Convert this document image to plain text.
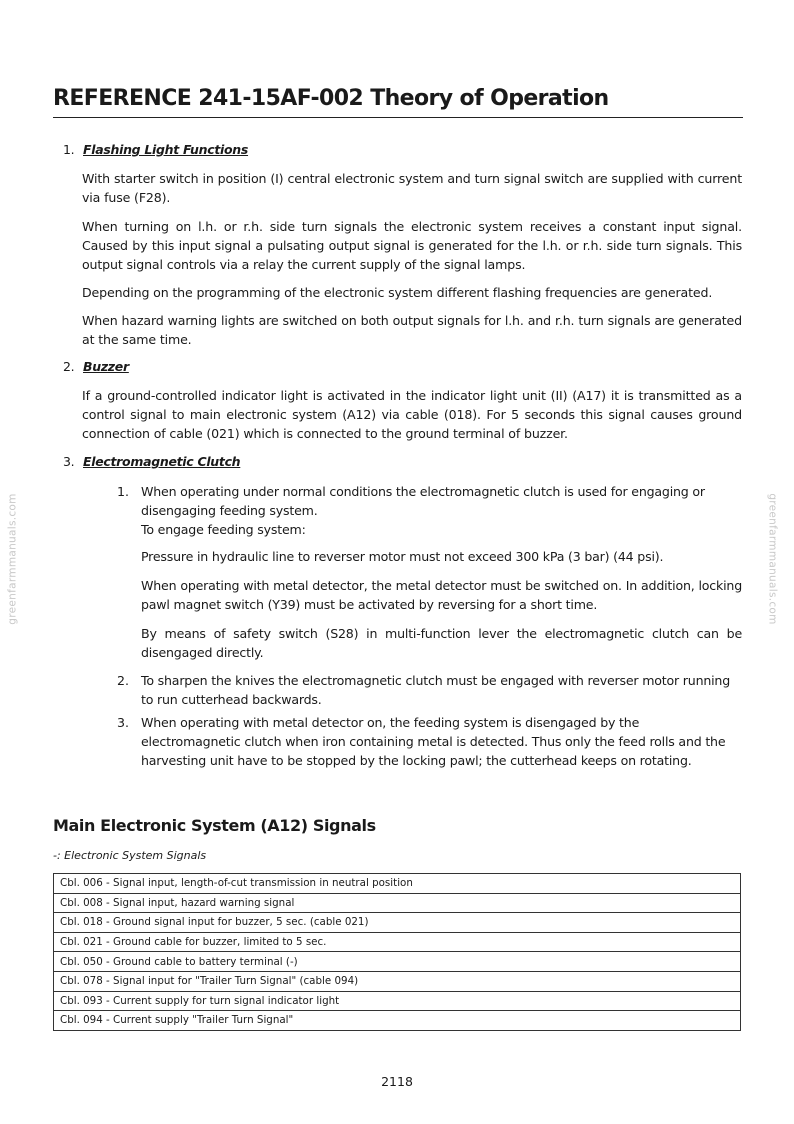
REFERENCE 241-15AF-002 Theory of Operation
1. Flashing Light Functions
With starter switch in position (I) central electronic system and turn signal switch are supplied with current via fuse (F28).
When turning on l.h. or r.h. side turn signals the electronic system receives a constant input signal. Caused by this input signal a pulsating output signal is generated for the l.h. or r.h. side turn signals. This output signal controls via a relay the current supply of the signal lamps.
Depending on the programming of the electronic system different flashing frequencies are generated.
When hazard warning lights are switched on both output signals for l.h. and r.h. turn signals are generated at the same time.
2. Buzzer
If a ground-controlled indicator light is activated in the indicator light unit (II) (A17) it is transmitted as a control signal to main electronic system (A12) via cable (018). For 5 seconds this signal causes ground connection of cable (021) which is connected to the ground terminal of buzzer.
3. Electromagnetic Clutch
1. When operating under normal conditions the electromagnetic clutch is used for engaging or disengaging feeding system.
To engage feeding system:
Pressure in hydraulic line to reverser motor must not exceed 300 kPa (3 bar) (44 psi).
When operating with metal detector, the metal detector must be switched on. In addition, locking pawl magnet switch (Y39) must be activated by reversing for a short time.
By means of safety switch (S28) in multi-function lever the electromagnetic clutch can be disengaged directly.
2. To sharpen the knives the electromagnetic clutch must be engaged with reverser motor running to run cutterhead backwards.
3. When operating with metal detector on, the feeding system is disengaged by the electromagnetic clutch when iron containing metal is detected. Thus only the feed rolls and the harvesting unit have to be stopped by the locking pawl; the cutterhead keeps on rotating.
Main Electronic System (A12) Signals
-: Electronic System Signals
Cbl. 006 - Signal input, length-of-cut transmission in neutral position
Cbl. 008 - Signal input, hazard warning signal
Cbl. 018 - Ground signal input for buzzer, 5 sec. (cable 021)
Cbl. 021 - Ground cable for buzzer, limited to 5 sec.
Cbl. 050 - Ground cable to battery terminal (-)
Cbl. 078 - Signal input for "Trailer Turn Signal" (cable 094)
Cbl. 093 - Current supply for turn signal indicator light
Cbl. 094 - Current supply "Trailer Turn Signal"
2118
greenfarmmanuals.com	greenfarmmanuals.com
